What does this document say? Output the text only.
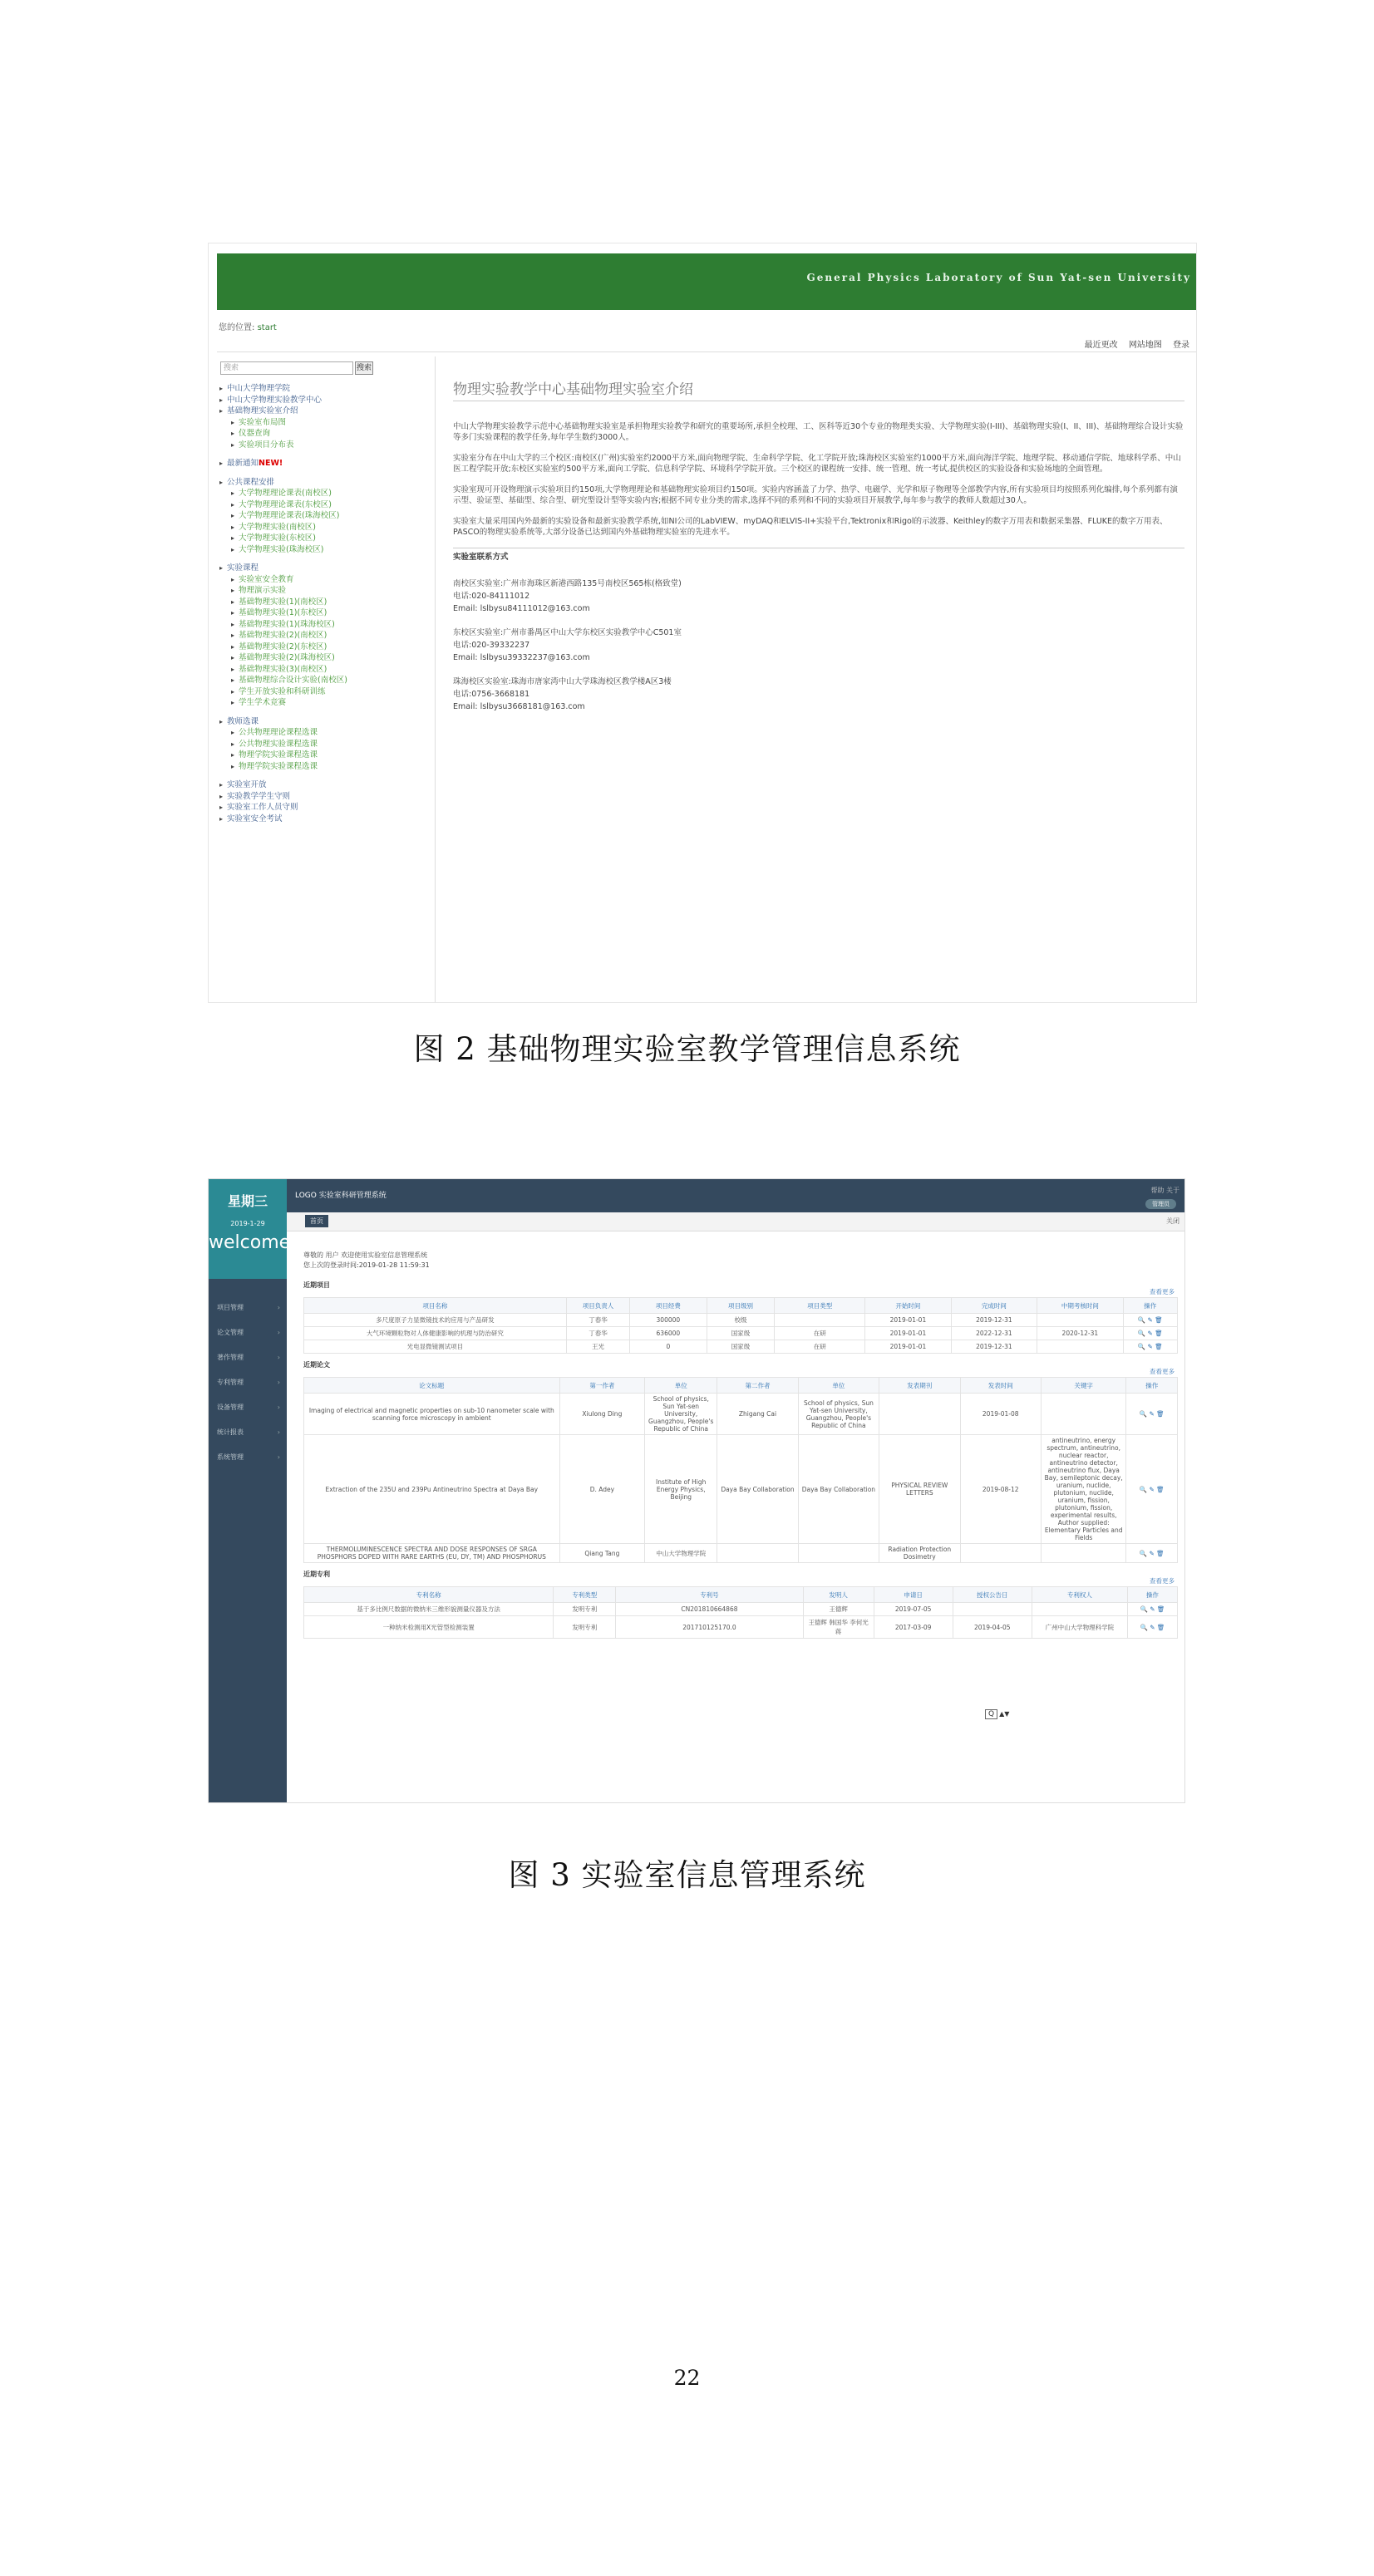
General Physics Laboratory of Sun Yat-sen University
您的位置: start
最近更改 网站地图 登录
搜索	搜索
▸ 中山大学物理学院
▸ 中山大学物理实验教学中心
▸ 基础物理实验室介绍
▸ 实验室布局图
▸ 仪器查询
▸ 实验项目分布表
▸ 最新通知NEW!
▸ 公共课程安排
▸ 大学物理理论课表(南校区)
▸ 大学物理理论课表(东校区)
▸ 大学物理理论课表(珠海校区)
▸ 大学物理实验(南校区)
▸ 大学物理实验(东校区)
▸ 大学物理实验(珠海校区)
▸ 实验课程
▸ 实验室安全教育
▸ 物理演示实验
▸ 基础物理实验(1)(南校区)
▸ 基础物理实验(1)(东校区)
▸ 基础物理实验(1)(珠海校区)
▸ 基础物理实验(2)(南校区)
▸ 基础物理实验(2)(东校区)
▸ 基础物理实验(2)(珠海校区)
▸ 基础物理实验(3)(南校区)
▸ 基础物理综合设计实验(南校区)
▸ 学生开放实验和科研训练
▸ 学生学术竞赛
▸ 教师选课
▸ 公共物理理论课程选课
▸ 公共物理实验课程选课
▸ 物理学院实验课程选课
▸ 物理学院实验课程选课
▸ 实验室开放
▸ 实验教学学生守则
▸ 实验室工作人员守则
▸ 实验室安全考试
物理实验教学中心基础物理实验室介绍

中山大学物理实验教学示范中心基础物理实验室是承担物理实验教学和研究的重要场所,承担全校理、工、医科等近30个专业的物理类实验、大学物理实验(I-III)、基础物理实验(I、II、III)、基础物理综合设计实验等多门实验课程的教学任务,每年学生数约3000人。

实验室分布在中山大学的三个校区:南校区(广州)实验室约2000平方米,面向物理学院、生命科学学院、化工学院开放;珠海校区实验室约1000平方米,面向海洋学院、地理学院、移动通信学院、地球科学系、中山医工程学院开放;东校区实验室约500平方米,面向工学院、信息科学学院、环境科学学院开放。三个校区的课程统一安排、统一管理、统一考试,提供校区的实验设备和实验场地的全面管理。

实验室现可开设物理演示实验项目约150项,大学物理理论和基础物理实验项目约150项。实验内容涵盖了力学、热学、电磁学、光学和原子物理等全部教学内容,所有实验项目均按照系列化编排,每个系列都有演示型、验证型、基础型、综合型、研究型设计型等实验内容;根据不同专业分类的需求,选择不同的系列和不同的实验项目开展教学,每年参与教学的教师人数超过30人。

实验室大量采用国内外最新的实验设备和最新实验教学系统,如NI公司的LabVIEW、myDAQ和ELVIS-II+实验平台,Tektronix和Rigol的示波器、Keithley的数字万用表和数据采集器、FLUKE的数字万用表、PASCO的物理实验系统等,大部分设备已达到国内外基础物理实验室的先进水平。

实验室联系方式
南校区实验室:广州市海珠区新港西路135号南校区565栋(格致堂)
电话:020-84111012
Email: lslbysu84111012@163.com
东校区实验室:广州市番禺区中山大学东校区实验教学中心C501室
电话:020-39332237
Email: lslbysu39332237@163.com
珠海校区实验室:珠海市唐家湾中山大学珠海校区教学楼A区3楼
电话:0756-3668181
Email: lslbysu3668181@163.com
图 2 基础物理实验室教学管理信息系统
星期三
2019-1-29
welcome
项目管理 ›
论文管理 ›
著作管理 ›
专利管理 ›
设备管理 ›
统计报表 ›
系统管理 ›
LOGO 实验室科研管理系统
帮助 关于
管理员
首页	关闭
尊敬的 用户 欢迎使用实验室信息管理系统
您上次的登录时间:2019-01-28 11:59:31
近期项目
查看更多
项目名称	项目负责人	项目经费	项目级别	项目类型	开始时间	完成时间	中期考核时间	操作
多尺度原子力显微镜技术的应用与产品研发	丁春华	300000	校级		2019-01-01	2019-12-31		🔍 ✎ 🗑
大气环境颗粒物对人体健康影响的机理与防治研究	丁春华	636000	国家级	在研	2019-01-01	2022-12-31	2020-12-31	🔍 ✎ 🗑
光电显微镜测试项目	王光	0	国家级	在研	2019-01-01	2019-12-31		🔍 ✎ 🗑
近期论文
查看更多
论文标题	第一作者	单位	第二作者	单位	发表期刊	发表时间	关键字	操作
Imaging of electrical and magnetic properties on sub-10 nanometer scale with scanning force microscopy in ambient	Xiulong Ding	School of physics, Sun Yat-sen University, Guangzhou, People's Republic of China	Zhigang Cai	School of physics, Sun Yat-sen University, Guangzhou, People's Republic of China		2019-01-08		🔍 ✎ 🗑
Extraction of the 235U and 239Pu Antineutrino Spectra at Daya Bay	D. Adey	Institute of High Energy Physics, Beijing	Daya Bay Collaboration	Daya Bay Collaboration	PHYSICAL REVIEW LETTERS	2019-08-12	antineutrino, energy spectrum, antineutrino, nuclear reactor, antineutrino detector, antineutrino flux, Daya Bay, semileptonic decay, uranium, nuclide, plutonium, nuclide, uranium, fission, plutonium, fission, experimental results, Author supplied: Elementary Particles and Fields	🔍 ✎ 🗑
THERMOLUMINESCENCE SPECTRA AND DOSE RESPONSES OF SRGA PHOSPHORS DOPED WITH RARE EARTHS (EU, DY, TM) AND PHOSPHORUS	Qiang Tang	中山大学物理学院			Radiation Protection Dosimetry			🔍 ✎ 🗑
近期专利
查看更多
专利名称	专利类型	专利号	发明人	申请日	授权公告日	专利权人	操作
基于多比例尺数据的微纳米三维形貌测量仪器及方法	发明专利	CN201810664868	王德辉	2019-07-05			🔍 ✎ 🗑
一种纳米检测用X光管型检测装置	发明专利	201710125170.0	王德辉 韩国华 李何光 蒋	2017-03-09	2019-04-05	广州中山大学物理科学院	🔍 ✎ 🗑
Q ▲▼
图 3 实验室信息管理系统
22
